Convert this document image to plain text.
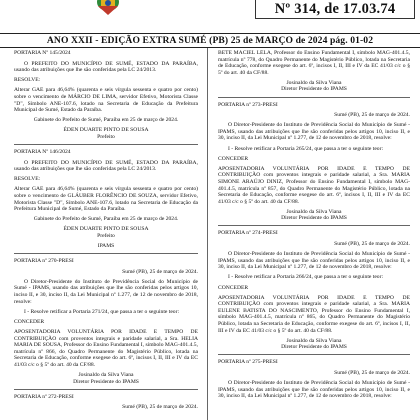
Nº 314, de 17.03.74
ANO XXII - EDIÇÃO EXTRA SUMÉ (PB) 25 de MARÇO de 2024 pág. 01-02

PORTARIA Nº 145/2024

O PREFEITO DO MUNICÍPIO DE SUMÉ, ESTADO DA PARAÍBA, usando das atribuições que lhe são conferidas pela LC 24/2013.

RESOLVE:

Alterar GAE para 46,64% (quarenta e seis vírgula sessenta e quatro por cento) sobre o vencimento de MÁRCIO DE LIMA, servidor Efetivo, Motorista Classe "D", Símbolo ANE-107.6, lotado na Secretaria de Educação da Prefeitura Municipal de Sumé, Estado da Paraíba.

Gabinete do Prefeito de Sumé, Paraíba em 25 de março de 2024.

ÉDEN DUARTE PINTO DE SOUSA

Prefeito

PORTARIA Nº 146/2024

O PREFEITO DO MUNICÍPIO DE SUMÉ, ESTADO DA PARAÍBA, usando das atribuições que lhe são conferidas pela LC 24/2013.

RESOLVE:

Alterar GAE para 46,64% (quarenta e seis vírgula sessenta e quatro por cento) sobre o vencimento de GLÁUBER FLORÊNCIO DE SOUZA, servidor Efetivo, Motorista Classe "D", Símbolo ANE-107.6, lotado na Secretaria de Educação da Prefeitura Municipal de Sumé, Estado da Paraíba.

Gabinete do Prefeito de Sumé, Paraíba em 25 de março de 2024.

ÉDEN DUARTE PINTO DE SOUSA

Prefeito

IPAMS

PORTARIA nº 270-PRESI

Sumé (PB), 25 de março de 2024.

O Diretor-Presidente do Instituto de Previdência Social do Município de Sumé - IPAMS, usando das atribuições que lhe são conferidas pelos artigos 10, inciso II, e 30, inciso II, da Lei Municipal nº 1.277, de 12 de novembro de 2018, resolve:

I - Resolve retificar a Portaria 271/24, que passa a ter o seguinte teor:

CONCEDER

APOSENTADORIA VOLUNTÁRIA POR IDADE E TEMPO DE CONTRIBUIÇÃO com proventos integrais e paridade salarial, a Sra. HELIA MARIA DE SOUSA, Professor do Ensino Fundamental I, símbolo MAG-401.4.5, matrícula nº 866, do Quadro Permanente do Magistério Público, lotada na Secretaria de Educação, conforme exegese do art. 6º, incisos I, II, III e IV da EC 41/03 c/c o § 5º do art. 40 da CF/88.

Josinaldo da Silva Viana

Diretor Presidente do IPAMS

PORTARIA nº 272-PRESI

Sumé (PB), 25 de março de 2024.

BETE MACIEL LÉLA, Professor do Ensino Fundamental I, símbolo MAG-401.4.5, matrícula nº 778, do Quadro Permanente do Magistério Público, lotada na Secretaria de Educação, conforme exegese do art. 6º, incisos I, II, III e IV da EC 41/03 c/c o § 5º do art. 40 da CF/88.

Josinaldo da Silva Viana

Diretor Presidente do IPAMS

PORTARIA nº 273-PRESI

Sumé (PB), 25 de março de 2024.

O Diretor-Presidente do Instituto de Previdência Social do Município de Sumé - IPAMS, usando das atribuições que lhe são conferidas pelos artigos 10, inciso II, e 30, inciso II, da Lei Municipal nº 1.277, de 12 de novembro de 2018, resolve:

I - Resolve retificar a Portaria 265/24, que passa a ter o seguinte teor:

CONCEDER

APOSENTADORIA VOLUNTÁRIA POR IDADE E TEMPO DE CONTRIBUIÇÃO com proventos integrais e paridade salarial, a Sra. MARIA SIMONE ARAÚJO DINIZ, Professor do Ensino Fundamental I, símbolo MAG-401.4.5, matrícula nº 857, do Quadro Permanente do Magistério Público, lotada na Secretaria de Educação, conforme exegese do art. 6º, incisos I, II, III e IV da EC 41/03 c/c o § 5º do art. 40 da CF/88.

Josinaldo da Silva Viana

Diretor Presidente do IPAMS

PORTARIA nº 274-PRESI

Sumé (PB), 25 de março de 2024.

O Diretor-Presidente do Instituto de Previdência Social do Município de Sumé - IPAMS, usando das atribuições que lhe são conferidas pelos artigos 10, inciso II, e 30, inciso II, da Lei Municipal nº 1.277, de 12 de novembro de 2018, resolve:

I - Resolve retificar a Portaria 266/24, que passa a ter o seguinte teor:

CONCEDER

APOSENTADORIA VOLUNTÁRIA POR IDADE E TEMPO DE CONTRIBUIÇÃO com proventos integrais e paridade salarial, a Sra. MARIA EULENE BATISTA DO NASCIMENTO, Professor do Ensino Fundamental I, símbolo MAG-401.4.5, matrícula nº 865, do Quadro Permanente do Magistério Público, lotada na Secretaria de Educação, conforme exegese do art. 6º, incisos I, II, III e IV da EC 41/03 c/c o § 5º do art. 40 da CF/88.

Josinaldo da Silva Viana

Diretor Presidente do IPAMS

PORTARIA nº 275-PRESI

Sumé (PB), 25 de março de 2024.

O Diretor-Presidente do Instituto de Previdência Social do Município de Sumé - IPAMS, usando das atribuições que lhe são conferidas pelos artigos 10, inciso II, e 30, inciso II, da Lei Municipal nº 1.277, de 12 de novembro de 2018, resolve:
